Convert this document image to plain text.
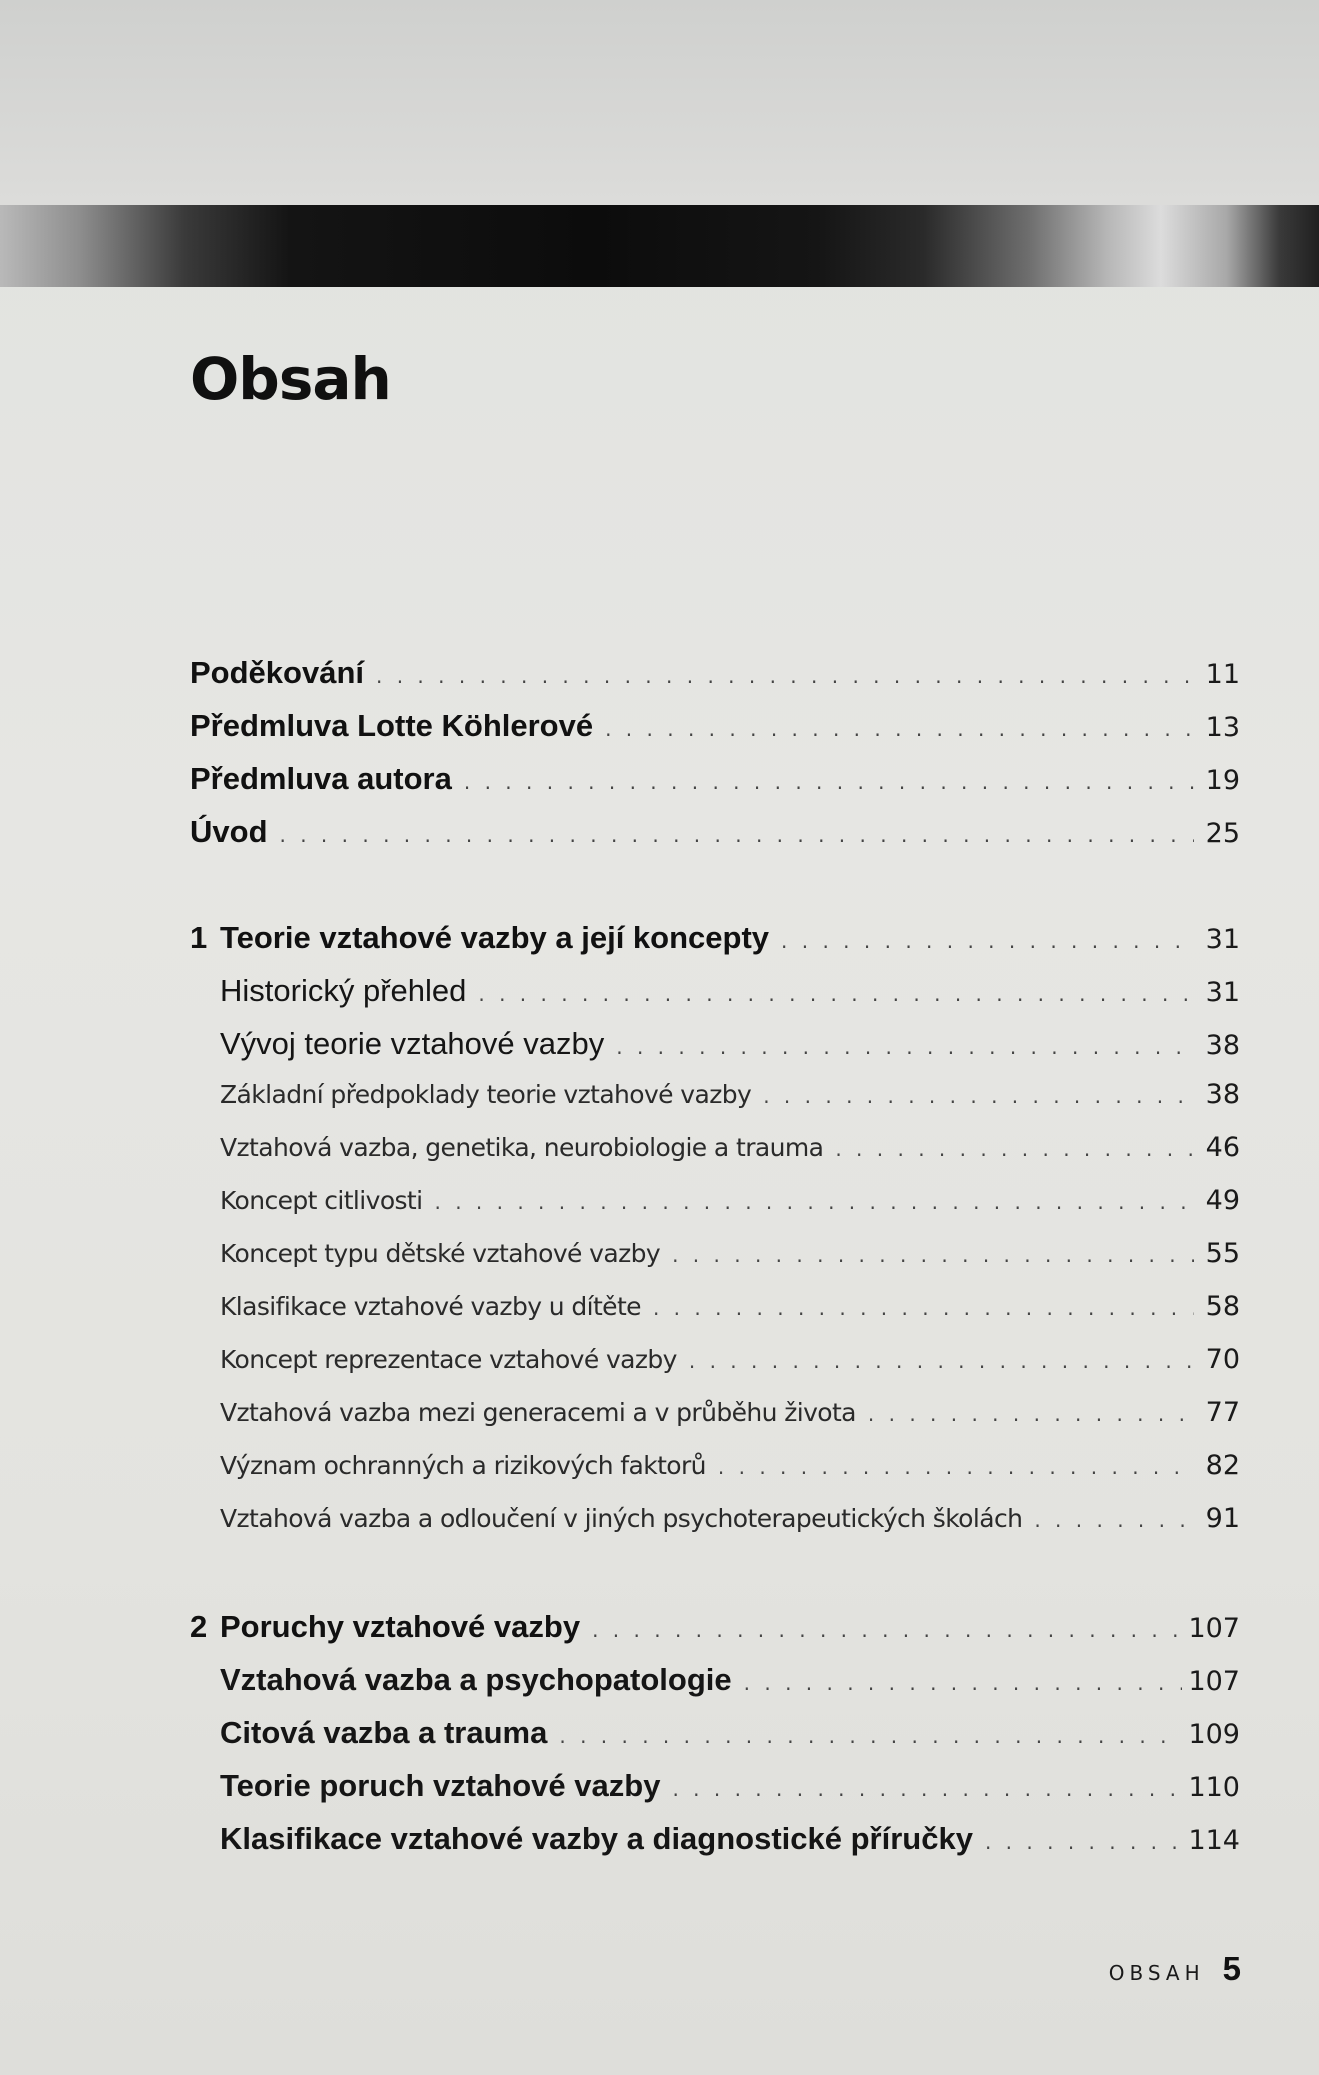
Obsah
Poděkování . . .	11
Předmluva Lotte Köhlerové . . .	13
Předmluva autora . . .	19
Úvod . . .	25
1 Teorie vztahové vazby a její koncepty . . .	31
Historický přehled . . .	31
Vývoj teorie vztahové vazby . . .	38
Základní předpoklady teorie vztahové vazby . . .	38
Vztahová vazba, genetika, neurobiologie a trauma . . .	46
Koncept citlivosti . . .	49
Koncept typu dětské vztahové vazby . . .	55
Klasifikace vztahové vazby u dítěte . . .	58
Koncept reprezentace vztahové vazby . . .	70
Vztahová vazba mezi generacemi a v průběhu života . . .	77
Význam ochranných a rizikových faktorů . . .	82
Vztahová vazba a odloučení v jiných psychoterapeutických školách . . .	91
2 Poruchy vztahové vazby . . .	107
Vztahová vazba a psychopatologie . . .	107
Citová vazba a trauma . . .	109
Teorie poruch vztahové vazby . . .	110
Klasifikace vztahové vazby a diagnostické příručky . . .	114
OBSAH 5
